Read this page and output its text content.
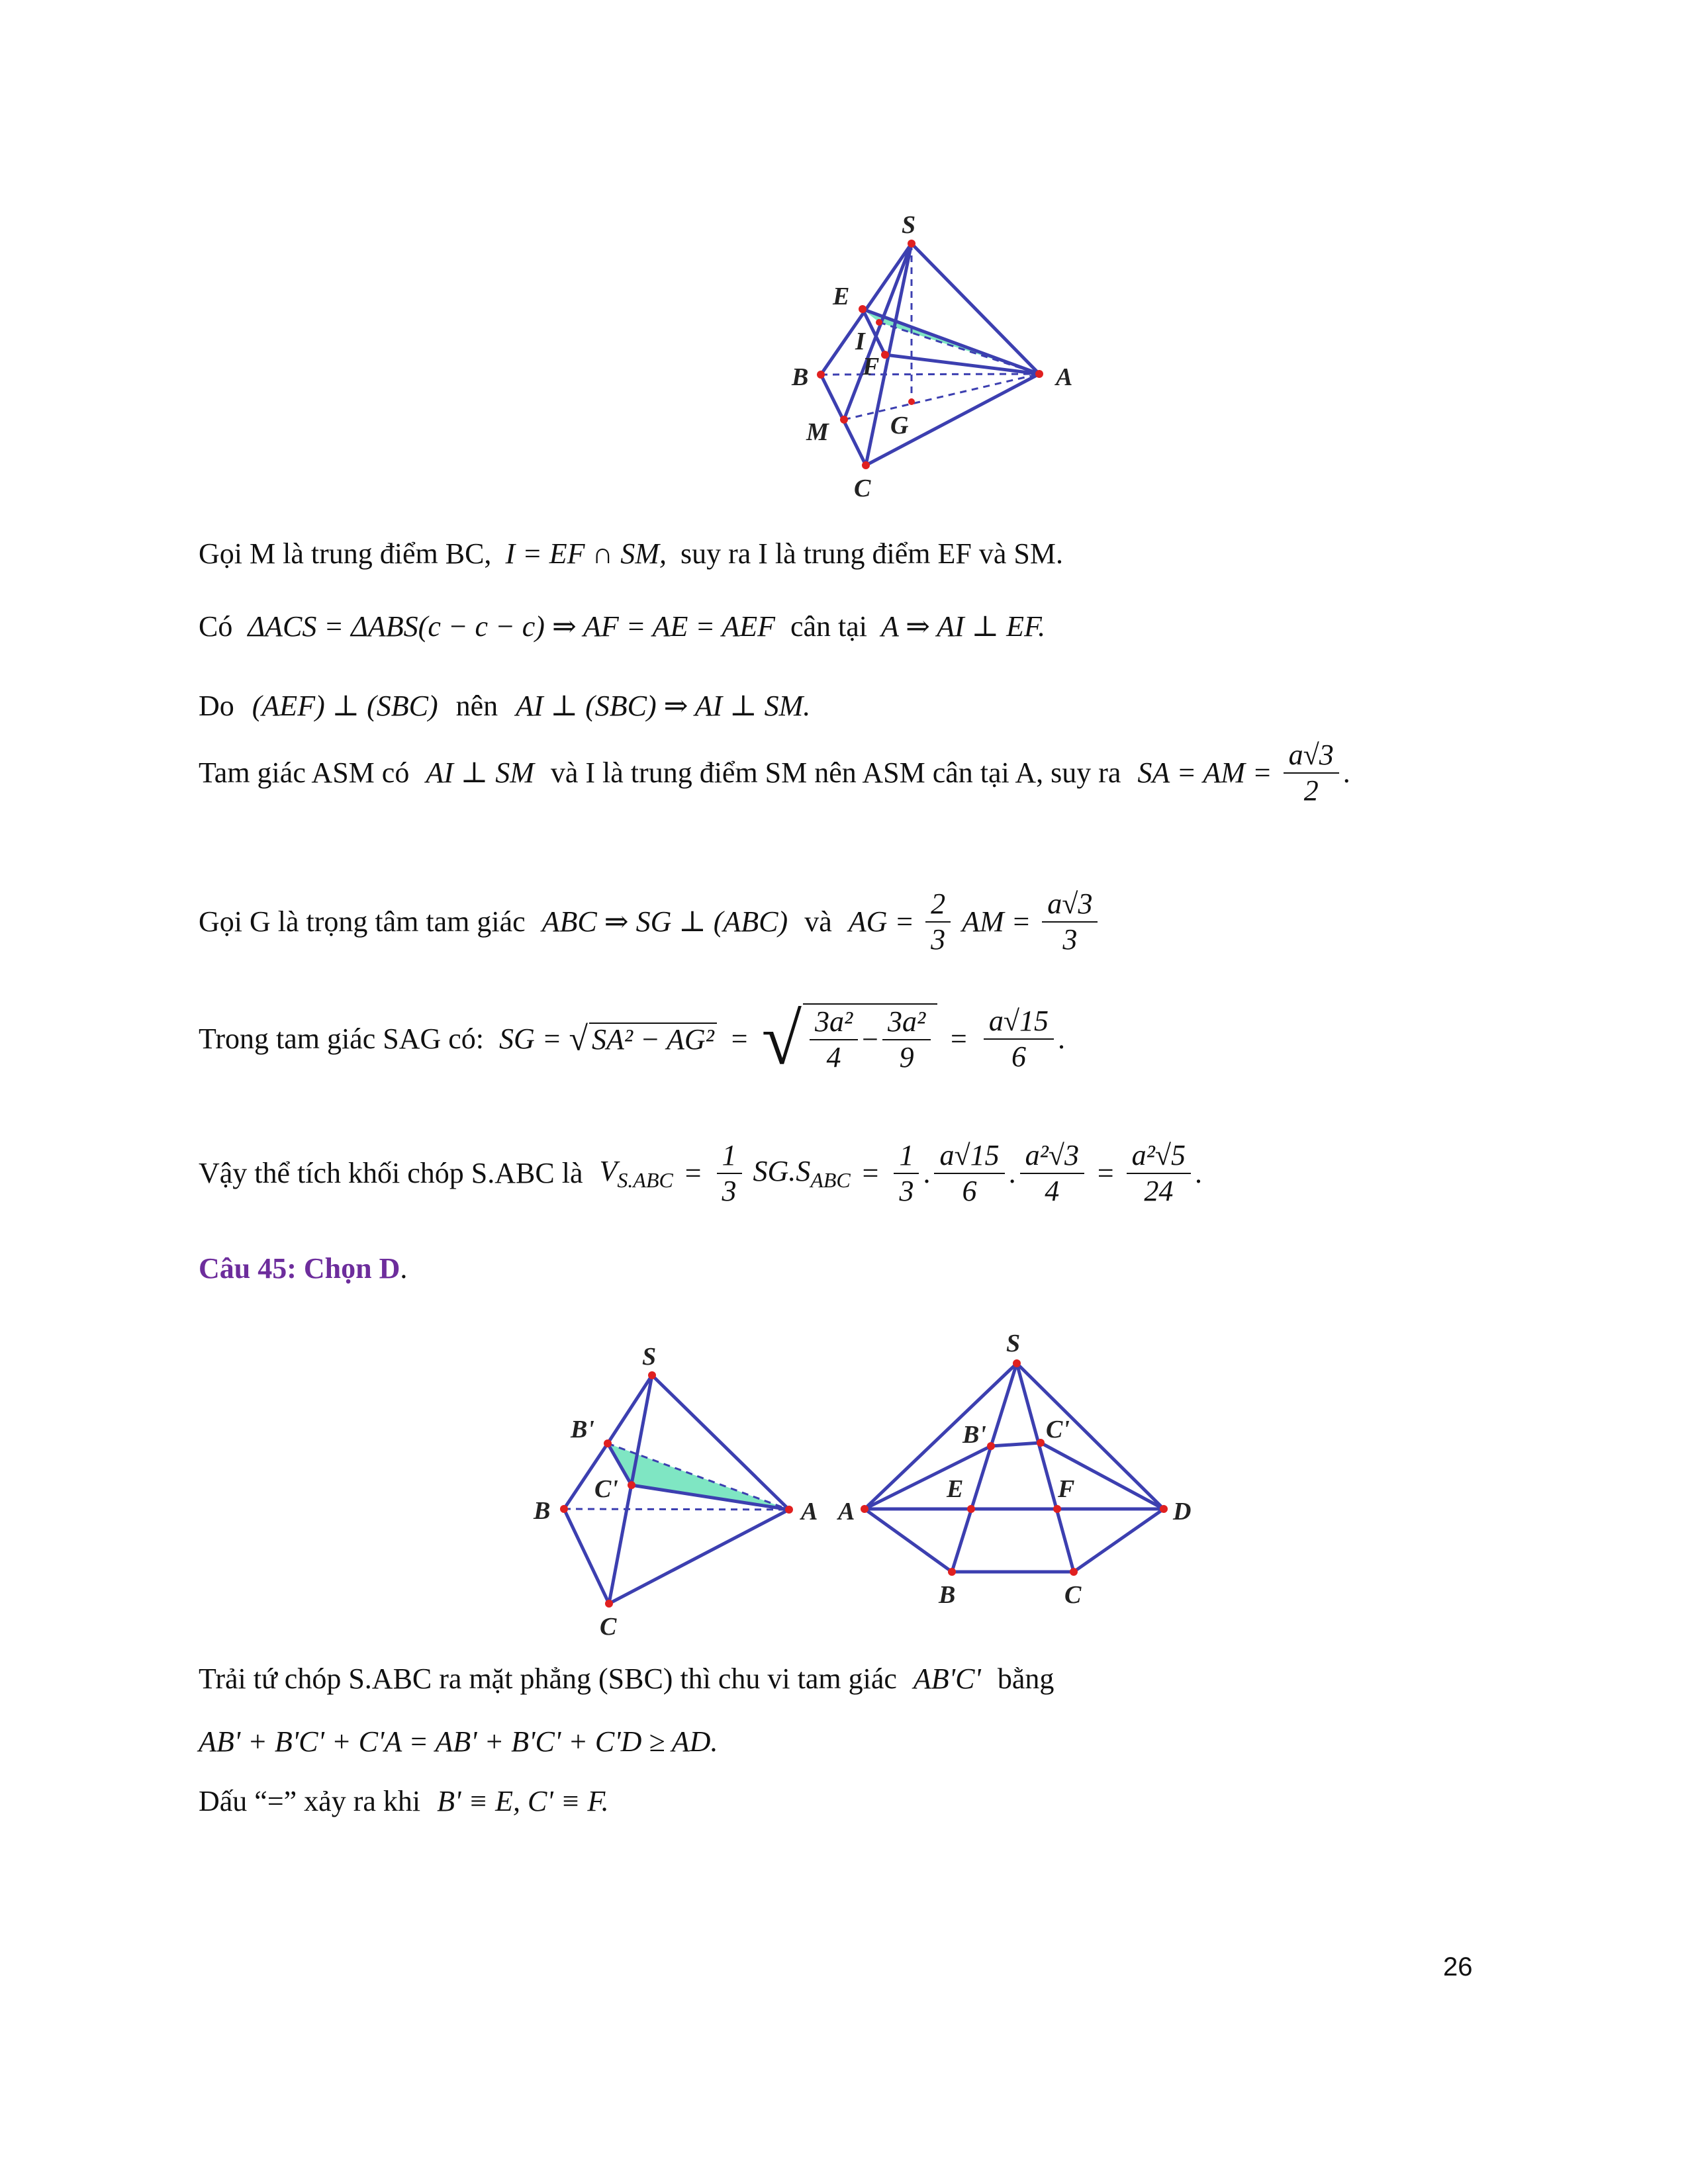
S
E
I
F
B	A
M G
C
Gọi M là trung điểm BC, I = EF ∩ SM, suy ra I là trung điểm EF và SM.
Có ΔACS = ΔABS(c − c − c) ⇒ AF = AE = AEF cân tại A ⇒ AI ⊥ EF.
Do (AEF) ⊥ (SBC) nên AI ⊥ (SBC) ⇒ AI ⊥ SM.
Tam giác ASM có AI ⊥ SM và I là trung điểm SM nên ASM cân tại A, suy ra SA = AM = $\frac{a√3}{2}$ .
Gọi G là trọng tâm tam giác ABC ⇒ SG ⊥ (ABC) và AG = $\frac{2}{3}$ AM = $\frac{a√3}{3}$
Trong tam giác SAG có: SG = √ SA² − AG² = √ $\frac{\text{3a²}}{4} - \frac{\text{3a²}}{9} = \frac{a√15}{6}$ .
Vậy thể tích khối chóp S.ABC là $V_{S.ABC} = \frac{1}{3} SG.S_{ABC} = \frac{1}{3}$ . $\frac{a√15}{6}$ . $\frac{\text{a²√3}}{4} = \frac{\text{a²√5}}{24}$ .
Câu 45: Chọn D.
S
B'
C'
B	A
C
S
B' C'
A
E	F
D
B	C
Trải tứ chóp S.ABC ra mặt phẳng (SBC) thì chu vi tam giác AB'C' bằng
AB' + B'C' + C'A = AB' + B'C' + C'D ≥ AD.
Dấu “=” xảy ra khi B' ≡ E, C' ≡ F.
26
